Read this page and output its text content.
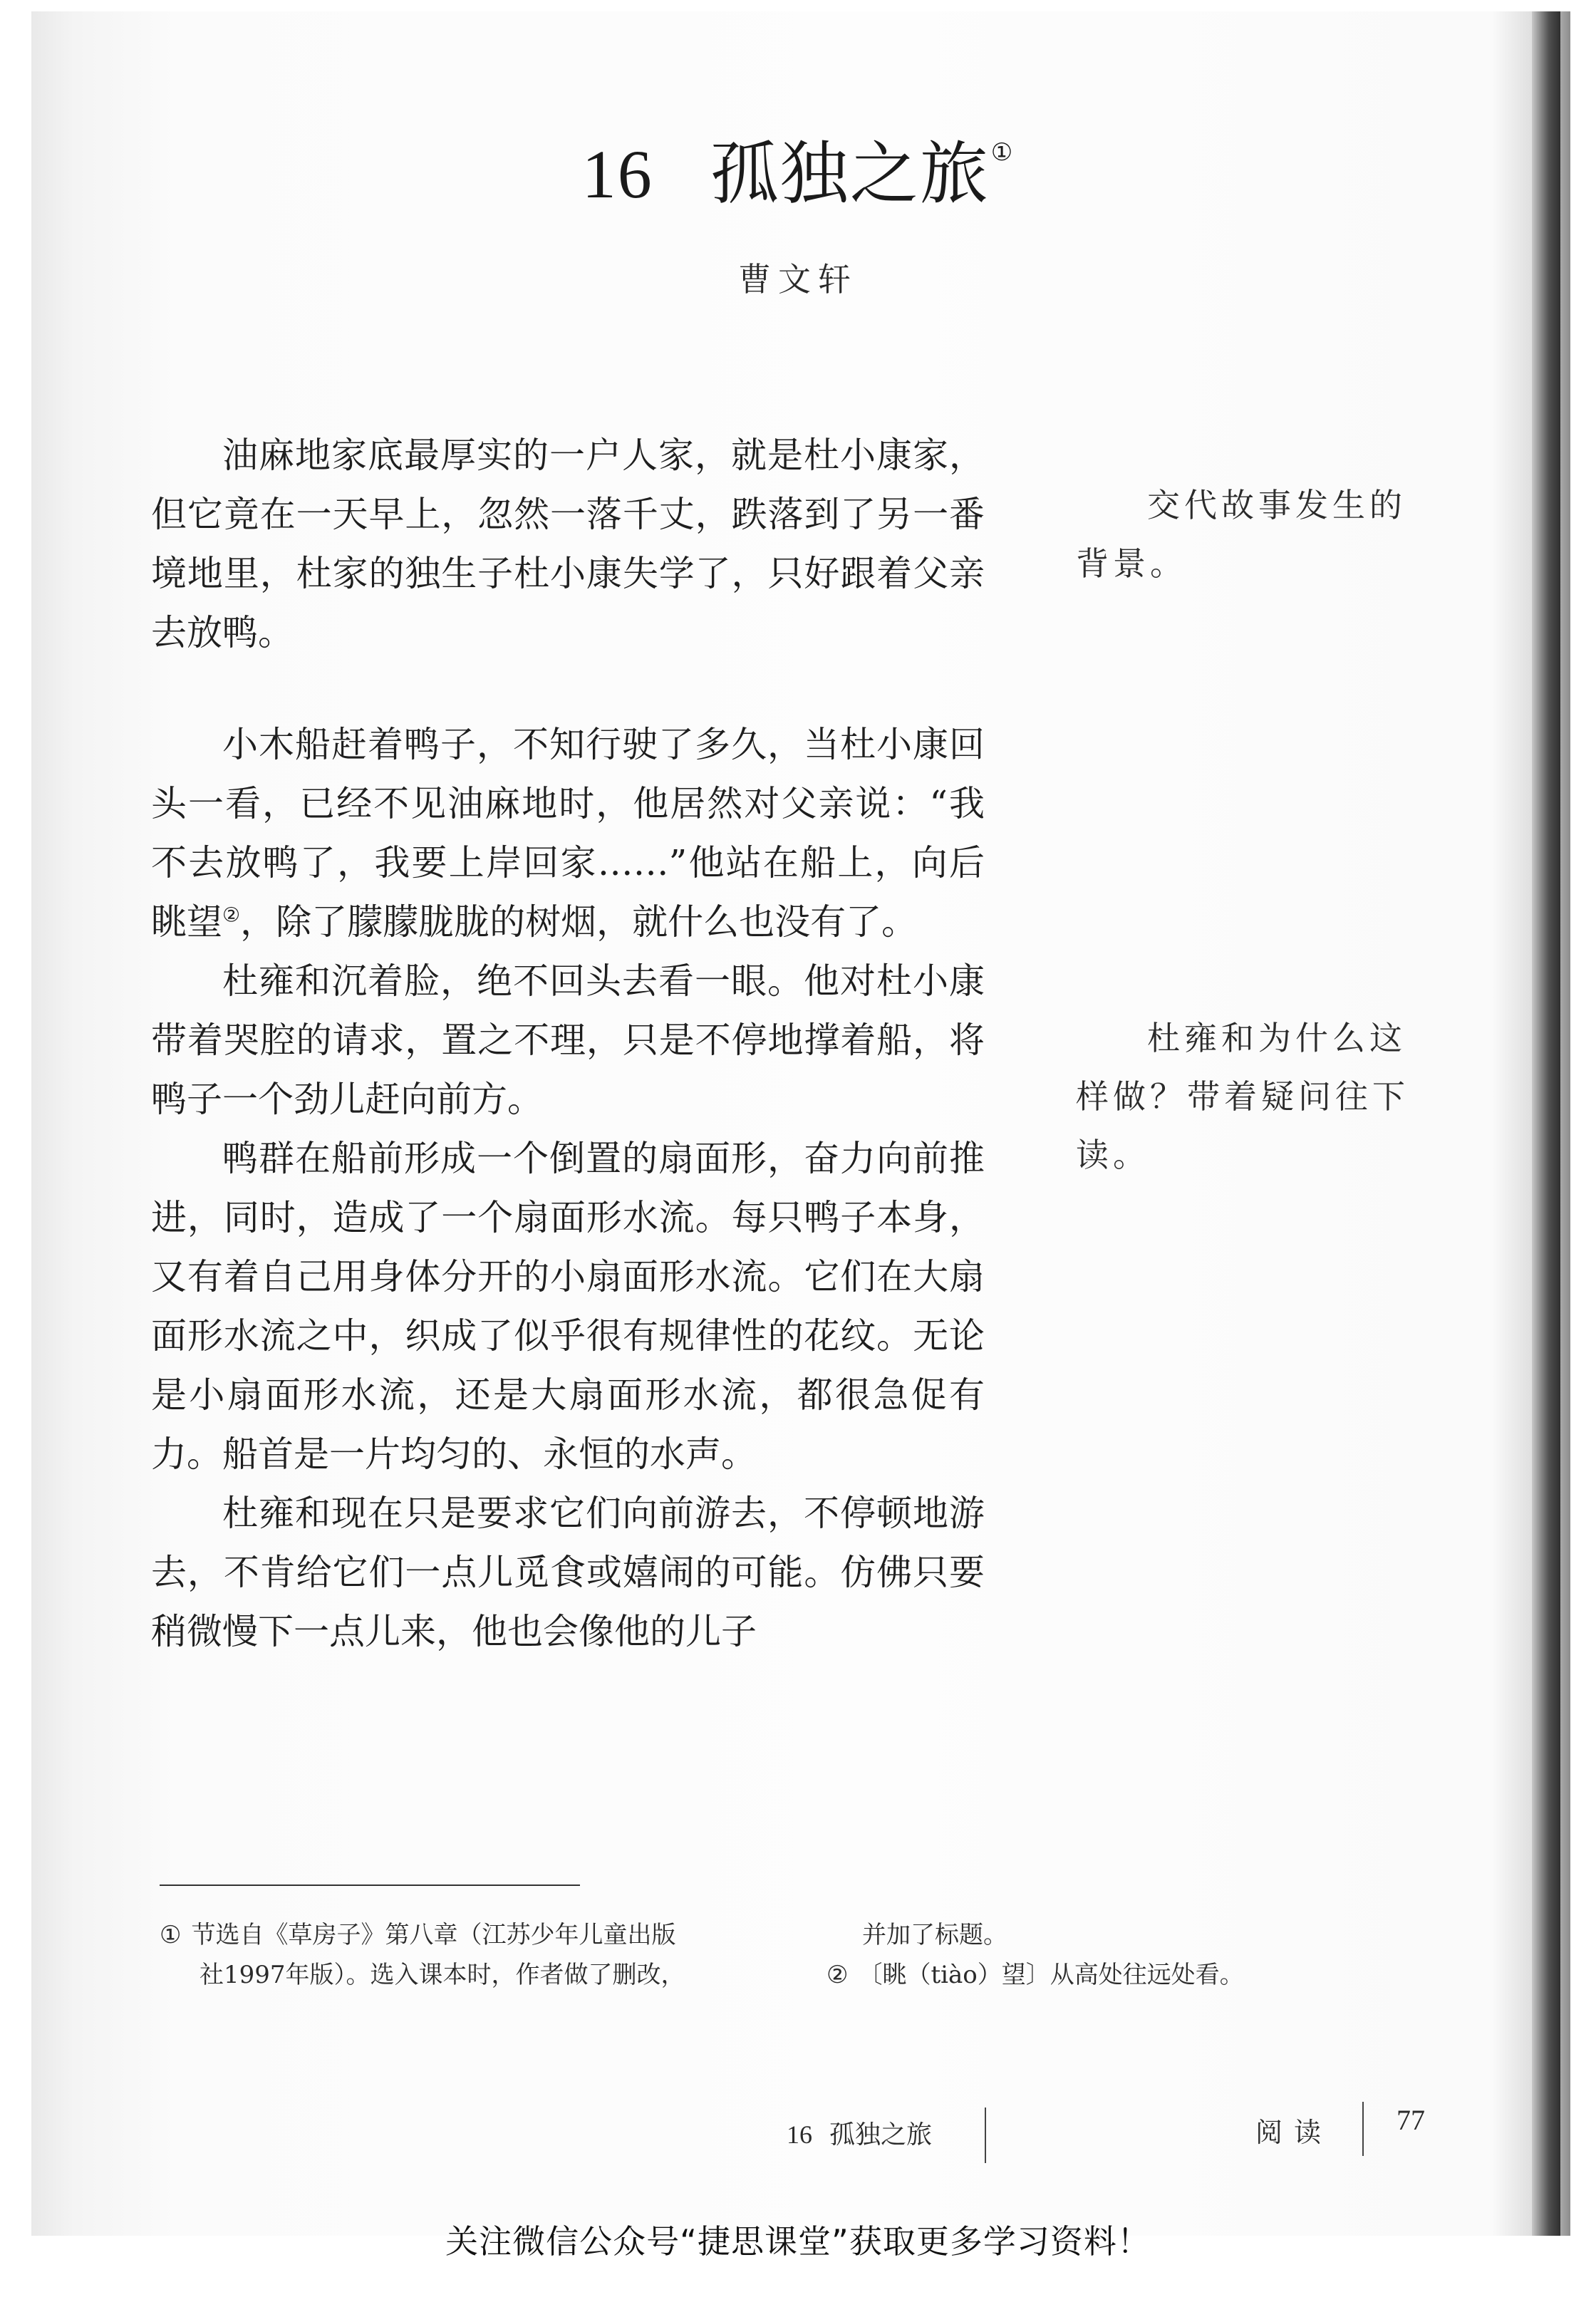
16 孤独之旅①
曹文轩

油麻地家底最厚实的一户人家，就是杜小康家，但它竟在一天早上，忽然一落千丈，跌落到了另一番境地里，杜家的独生子杜小康失学了，只好跟着父亲去放鸭。

小木船赶着鸭子，不知行驶了多久，当杜小康回头一看，已经不见油麻地时，他居然对父亲说：“我不去放鸭了，我要上岸回家……”他站在船上，向后眺望②，除了朦朦胧胧的树烟，就什么也没有了。

杜雍和沉着脸，绝不回头去看一眼。他对杜小康带着哭腔的请求，置之不理，只是不停地撑着船，将鸭子一个劲儿赶向前方。

鸭群在船前形成一个倒置的扇面形，奋力向前推进，同时，造成了一个扇面形水流。每只鸭子本身，又有着自己用身体分开的小扇面形水流。它们在大扇面形水流之中，织成了似乎很有规律性的花纹。无论是小扇面形水流，还是大扇面形水流，都很急促有力。船首是一片均匀的、永恒的水声。

杜雍和现在只是要求它们向前游去，不停顿地游去，不肯给它们一点儿觅食或嬉闹的可能。仿佛只要稍微慢下一点儿来，他也会像他的儿子

交代故事发生的背景。

杜雍和为什么这样做？带着疑问往下读。

① 节选自《草房子》第八章（江苏少年儿童出版
社1997年版）。选入课本时，作者做了删改，
并加了标题。
② 〔眺（tiào）望〕从高处往远处看。
16 孤独之旅	阅读 77
关注微信公众号“捷思课堂”获取更多学习资料！
